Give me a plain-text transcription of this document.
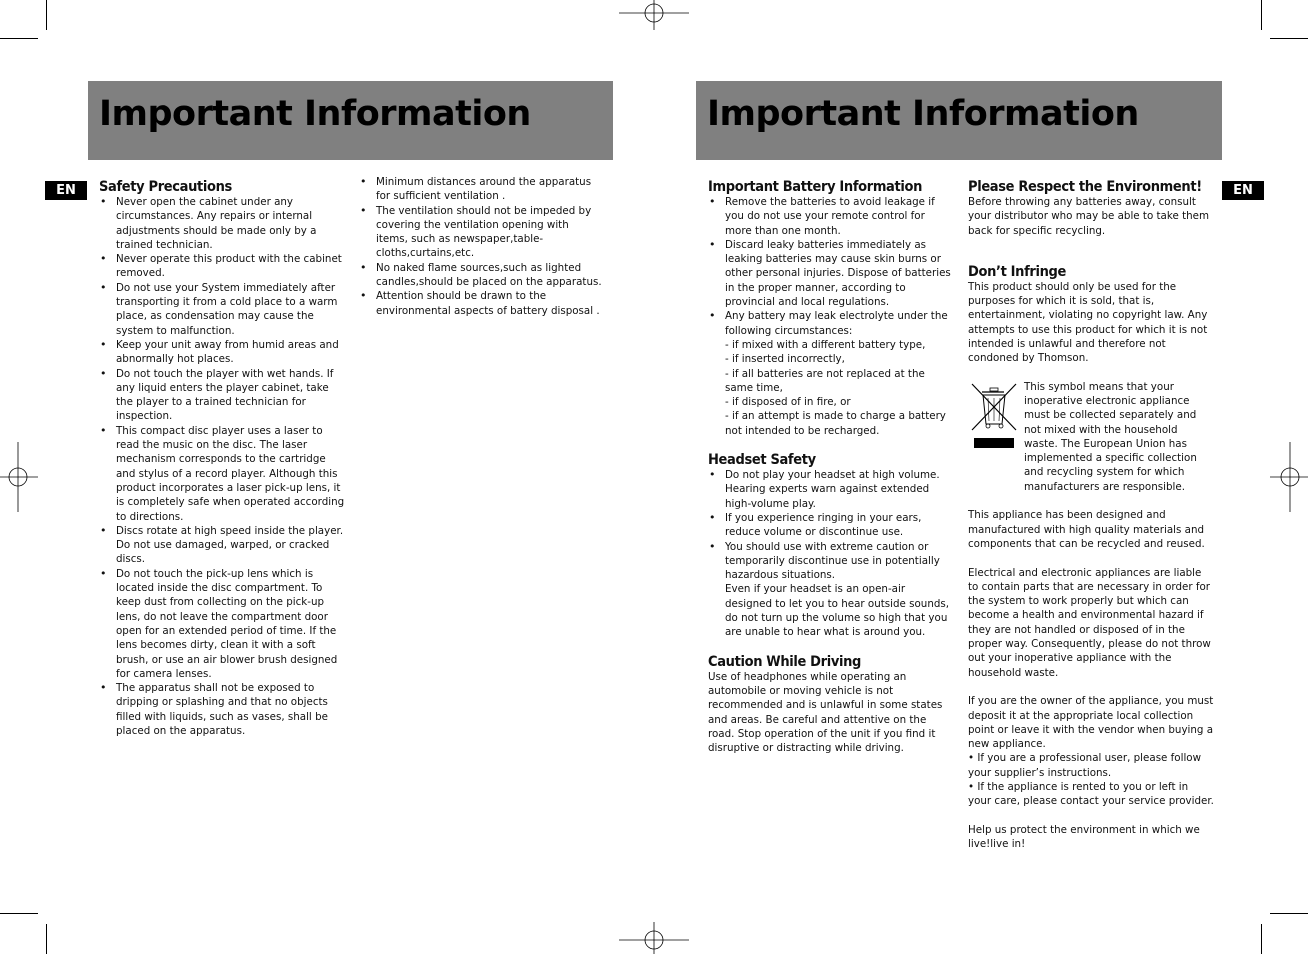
Important Information
EN	Safety Precautions
• Never open the cabinet under any circumstances. Any repairs or internal adjustments should be made only by a trained technician.
• Never operate this product with the cabinet removed.
• Do not use your System immediately after transporting it from a cold place to a warm place, as condensation may cause the system to malfunction.
• Keep your unit away from humid areas and abnormally hot places.
• Do not touch the player with wet hands. If any liquid enters the player cabinet, take the player to a trained technician for inspection.
• This compact disc player uses a laser to read the music on the disc. The laser mechanism corresponds to the cartridge and stylus of a record player. Although this product incorporates a laser pick-up lens, it is completely safe when operated according to directions.
• Discs rotate at high speed inside the player. Do not use damaged, warped, or cracked discs.
• Do not touch the pick-up lens which is located inside the disc compartment. To keep dust from collecting on the pick-up lens, do not leave the compartment door open for an extended period of time. If the lens becomes dirty, clean it with a soft brush, or use an air blower brush designed for camera lenses.
• The apparatus shall not be exposed to dripping or splashing and that no objects filled with liquids, such as vases, shall be placed on the apparatus.
• Minimum distances around the apparatus for sufficient ventilation .
• The ventilation should not be impeded by covering the ventilation opening with items, such as newspaper,table-cloths,curtains,etc.
• No naked flame sources,such as lighted candles,should be placed on the apparatus.
• Attention should be drawn to the environmental aspects of battery disposal .
Important Information
EN
Important Battery Information
• Remove the batteries to avoid leakage if you do not use your remote control for more than one month.
• Discard leaky batteries immediately as leaking batteries may cause skin burns or other personal injuries. Dispose of batteries in the proper manner, according to provincial and local regulations.
• Any battery may leak electrolyte under the following circumstances:

- if mixed with a different battery type,
- if inserted incorrectly,
- if all batteries are not replaced at the same time,
- if disposed of in fire, or
- if an attempt is made to charge a battery not intended to be recharged.

Headset Safety
• Do not play your headset at high volume. Hearing experts warn against extended high-volume play.
• If you experience ringing in your ears, reduce volume or discontinue use.
• You should use with extreme caution or temporarily discontinue use in potentially hazardous situations.

Even if your headset is an open-air designed to let you to hear outside sounds, do not turn up the volume so high that you are unable to hear what is around you.

Caution While Driving

Use of headphones while operating an automobile or moving vehicle is not recommended and is unlawful in some states and areas. Be careful and attentive on the road. Stop operation of the unit if you find it disruptive or distracting while driving.

Please Respect the Environment!

Before throwing any batteries away, consult your distributor who may be able to take them back for specific recycling.

Don’t Infringe

This product should only be used for the purposes for which it is sold, that is, entertainment, violating no copyright law. Any attempts to use this product for which it is not intended is unlawful and therefore not condoned by Thomson.

This symbol means that your inoperative electronic appliance must be collected separately and not mixed with the household waste. The European Union has implemented a specific collection and recycling system for which manufacturers are responsible.

This appliance has been designed and manufactured with high quality materials and components that can be recycled and reused.

Electrical and electronic appliances are liable to contain parts that are necessary in order for the system to work properly but which can become a health and environmental hazard if they are not handled or disposed of in the proper way. Consequently, please do not throw out your inoperative appliance with the household waste.

If you are the owner of the appliance, you must deposit it at the appropriate local collection point or leave it with the vendor when buying a new appliance.

• If you are a professional user, please follow your supplier’s instructions.

• If the appliance is rented to you or left in your care, please contact your service provider.

Help us protect the environment in which we live!live in!
